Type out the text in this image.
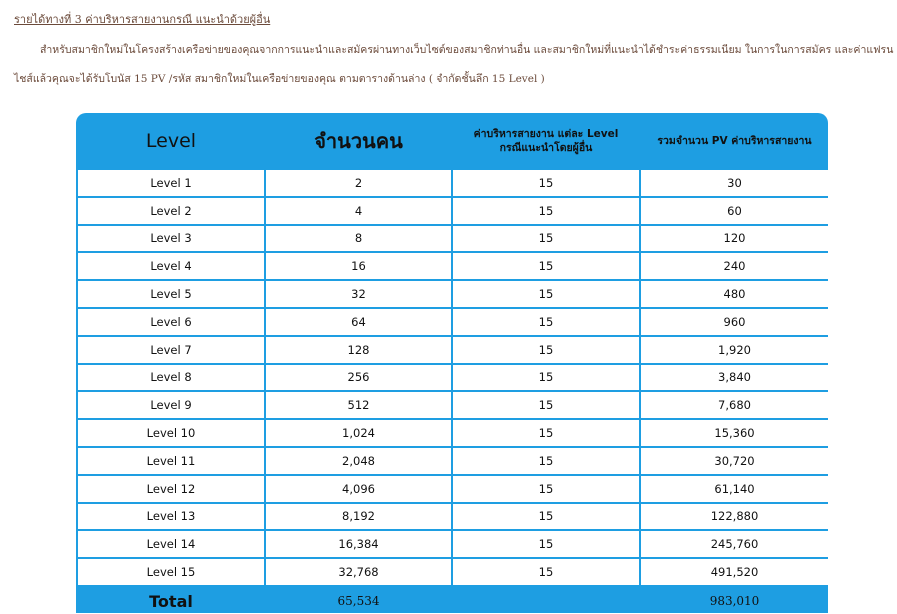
รายได้ทางที่ 3 ค่าบริหารสายงานกรณี แนะนำด้วยผู้อื่น
สำหรับสมาชิกใหม่ในโครงสร้างเครือข่ายของคุณจากการแนะนำและสมัครผ่านทางเว็บไซต์ของสมาชิกท่านอื่น และสมาชิกใหม่ที่แนะนำได้ชำระค่าธรรมเนียม ในการในการสมัคร และค่าแฟรนไชส์แล้วคุณจะได้รับโบนัส 15 PV /รหัส สมาชิกใหม่ในเครือข่ายของคุณ ตามตารางด้านล่าง ( จำกัดชั้นลึก 15 Level )
Level	จำนวนคน	ค่าบริหารสายงาน แต่ละ Level กรณีแนะนำโดยผู้อื่น	รวมจำนวน PV ค่าบริหารสายงาน
Level 1	2	15	30
Level 2	4	15	60
Level 3	8	15	120
Level 4	16	15	240
Level 5	32	15	480
Level 6	64	15	960
Level 7	128	15	1,920
Level 8	256	15	3,840
Level 9	512	15	7,680
Level 10	1,024	15	15,360
Level 11	2,048	15	30,720
Level 12	4,096	15	61,140
Level 13	8,192	15	122,880
Level 14	16,384	15	245,760
Level 15	32,768	15	491,520
Total	65,534		983,010
